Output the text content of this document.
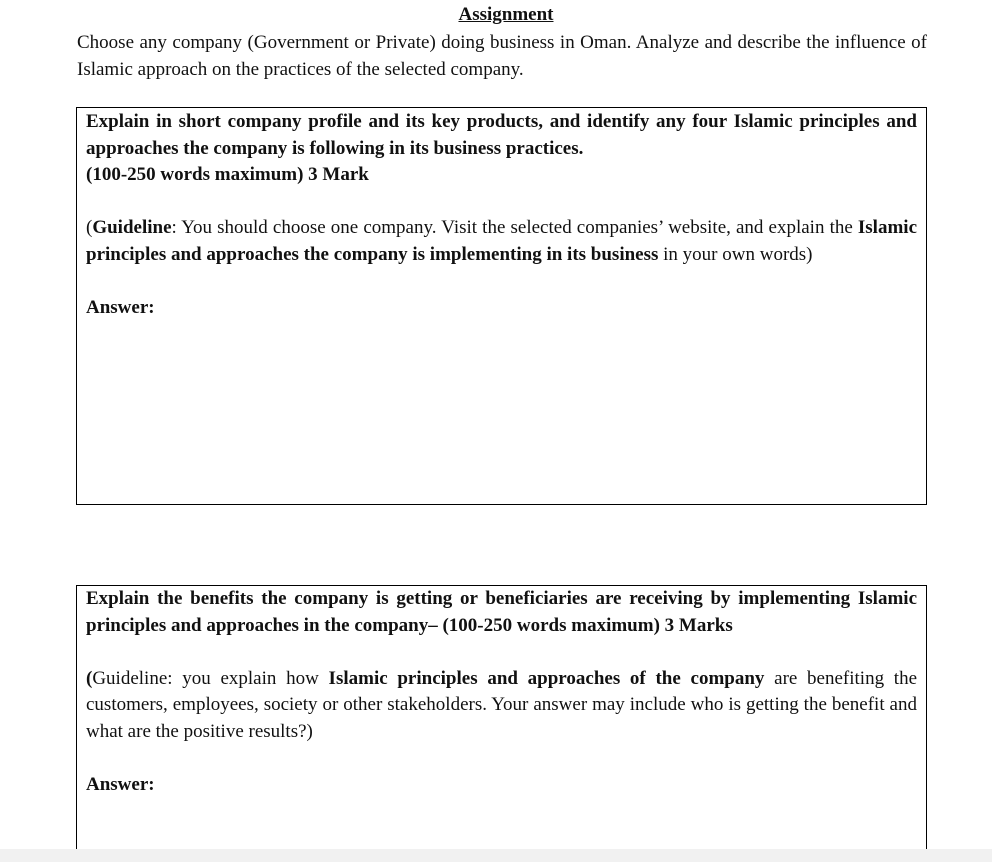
Assignment
Choose any company (Government or Private) doing business in Oman. Analyze and describe the influence of Islamic approach on the practices of the selected company.

Explain in short company profile and its key products, and identify any four Islamic principles and approaches the company is following in its business practices.

(100-250 words maximum) 3 Mark

(Guideline: You should choose one company. Visit the selected companies’ website, and explain the Islamic principles and approaches the company is implementing in its business in your own words)

Answer:

Explain the benefits the company is getting or beneficiaries are receiving by implementing Islamic principles and approaches in the company– (100-250 words maximum) 3 Marks

(Guideline: you explain how Islamic principles and approaches of the company are benefiting the customers, employees, society or other stakeholders. Your answer may include who is getting the benefit and what are the positive results?)

Answer:
